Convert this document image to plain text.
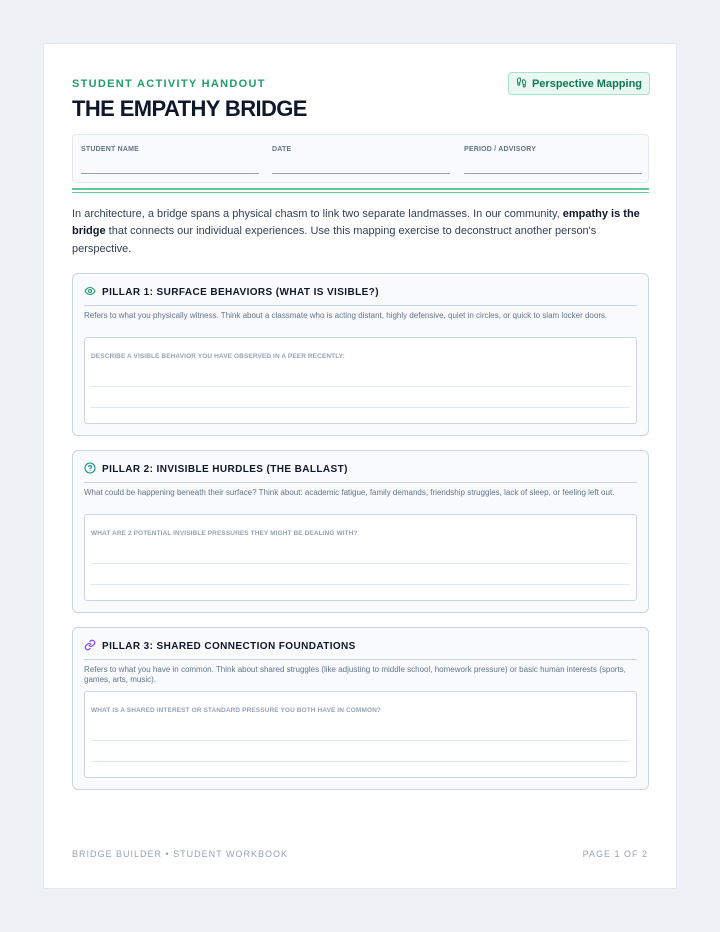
STUDENT ACTIVITY HANDOUT
THE EMPATHY BRIDGE
Perspective Mapping
STUDENT NAME	DATE	PERIOD / ADVISORY

In architecture, a bridge spans a physical chasm to link two separate landmasses. In our community, empathy is the bridge that connects our individual experiences. Use this mapping exercise to deconstruct another person's perspective.

PILLAR 1: SURFACE BEHAVIORS (WHAT IS VISIBLE?)

Refers to what you physically witness. Think about a classmate who is acting distant, highly defensive, quiet in circles, or quick to slam locker doors.

DESCRIBE A VISIBLE BEHAVIOR YOU HAVE OBSERVED IN A PEER RECENTLY:
PILLAR 2: INVISIBLE HURDLES (THE BALLAST)

What could be happening beneath their surface? Think about: academic fatigue, family demands, friendship struggles, lack of sleep, or feeling left out.

WHAT ARE 2 POTENTIAL INVISIBLE PRESSURES THEY MIGHT BE DEALING WITH?
PILLAR 3: SHARED CONNECTION FOUNDATIONS

Refers to what you have in common. Think about shared struggles (like adjusting to middle school, homework pressure) or basic human interests (sports, games, arts, music).

WHAT IS A SHARED INTEREST OR STANDARD PRESSURE YOU BOTH HAVE IN COMMON?
BRIDGE BUILDER • STUDENT WORKBOOK	PAGE 1 OF 2
